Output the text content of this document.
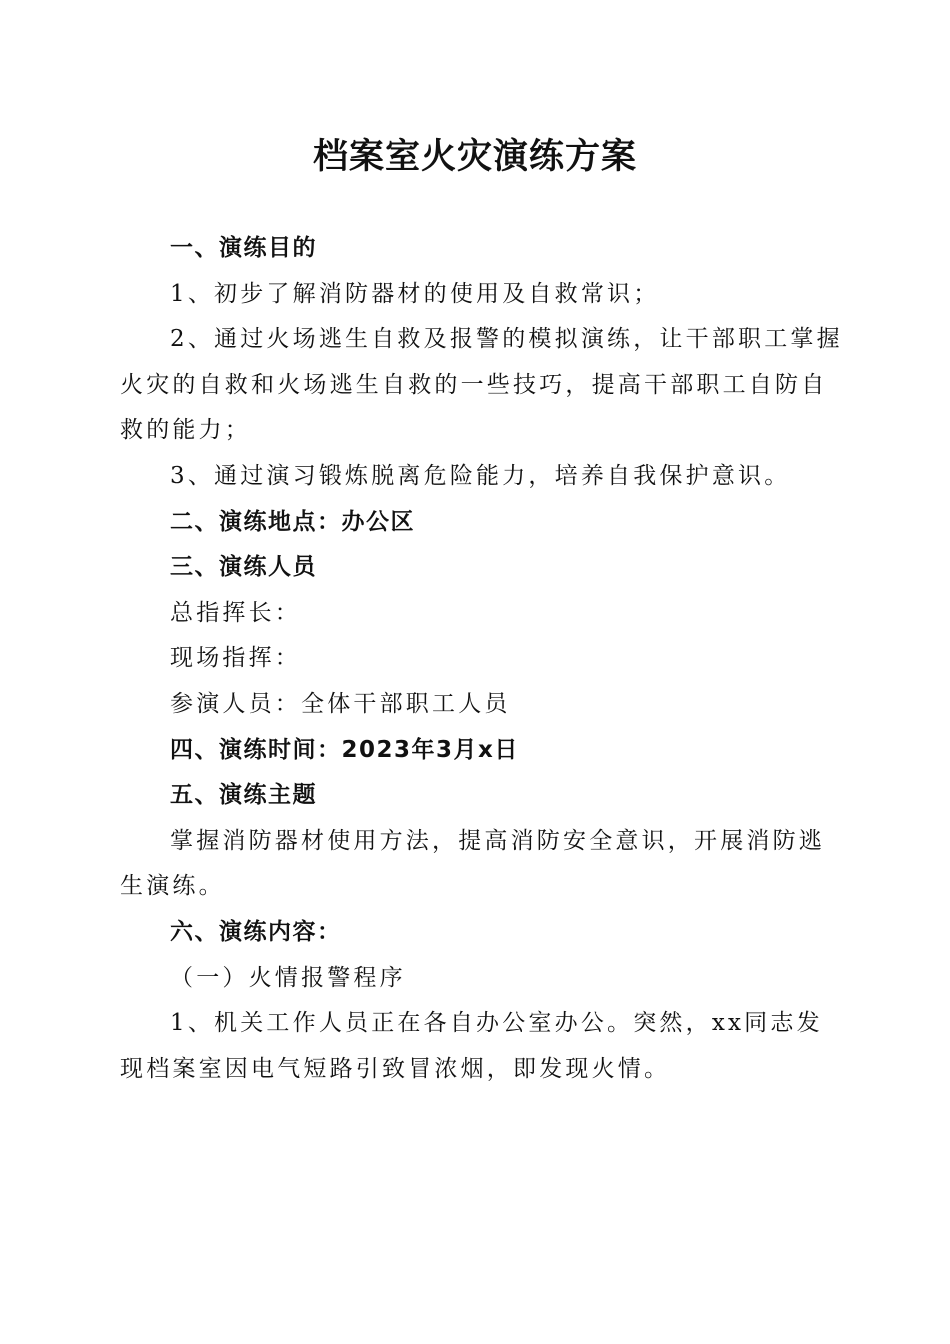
档案室火灾演练方案

一、演练目的

1、初步了解消防器材的使用及自救常识；

2、通过火场逃生自救及报警的模拟演练，让干部职工掌握

火灾的自救和火场逃生自救的一些技巧，提高干部职工自防自

救的能力；

3、通过演习锻炼脱离危险能力，培养自我保护意识。

二、演练地点：办公区

三、演练人员

总指挥长：

现场指挥：

参演人员：全体干部职工人员

四、演练时间：2023年3月x日

五、演练主题

掌握消防器材使用方法，提高消防安全意识，开展消防逃

生演练。

六、演练内容：

（一）火情报警程序

1、机关工作人员正在各自办公室办公。突然，xx同志发

现档案室因电气短路引致冒浓烟，即发现火情。
